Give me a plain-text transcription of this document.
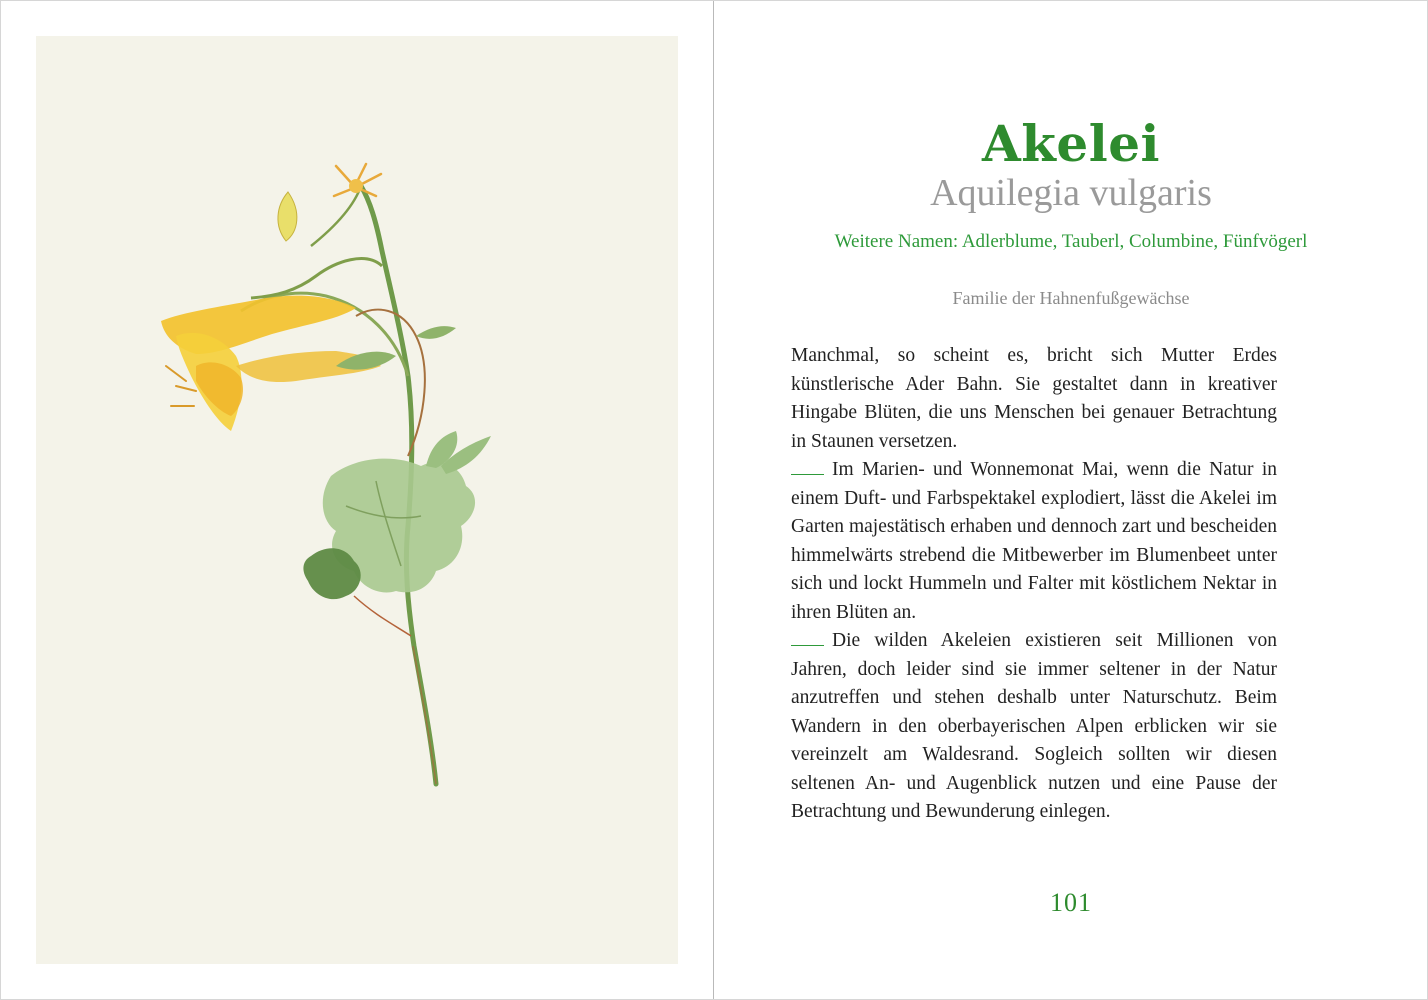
Akelei
Aquilegia vulgaris
Weitere Namen: Adlerblume, Tauberl, Columbine, Fünfvögerl
Familie der Hahnenfußgewächse

Manchmal, so scheint es, bricht sich Mutter Erdes künstlerische Ader Bahn. Sie gestaltet dann in kreativer Hingabe Blüten, die uns Menschen bei genauer Betrachtung in Staunen versetzen.

Im Marien- und Wonnemonat Mai, wenn die Natur in einem Duft- und Farbspektakel explodiert, lässt die Akelei im Garten majestätisch erhaben und dennoch zart und bescheiden himmelwärts strebend die Mitbewerber im Blumenbeet unter sich und lockt Hummeln und Falter mit köstlichem Nektar in ihren Blüten an.

Die wilden Akeleien existieren seit Millionen von Jahren, doch leider sind sie immer seltener in der Natur anzutreffen und stehen deshalb unter Naturschutz. Beim Wandern in den oberbayerischen Alpen erblicken wir sie vereinzelt am Waldesrand. Sogleich sollten wir diesen seltenen An- und Augenblick nutzen und eine Pause der Betrachtung und Bewunderung einlegen.

101
